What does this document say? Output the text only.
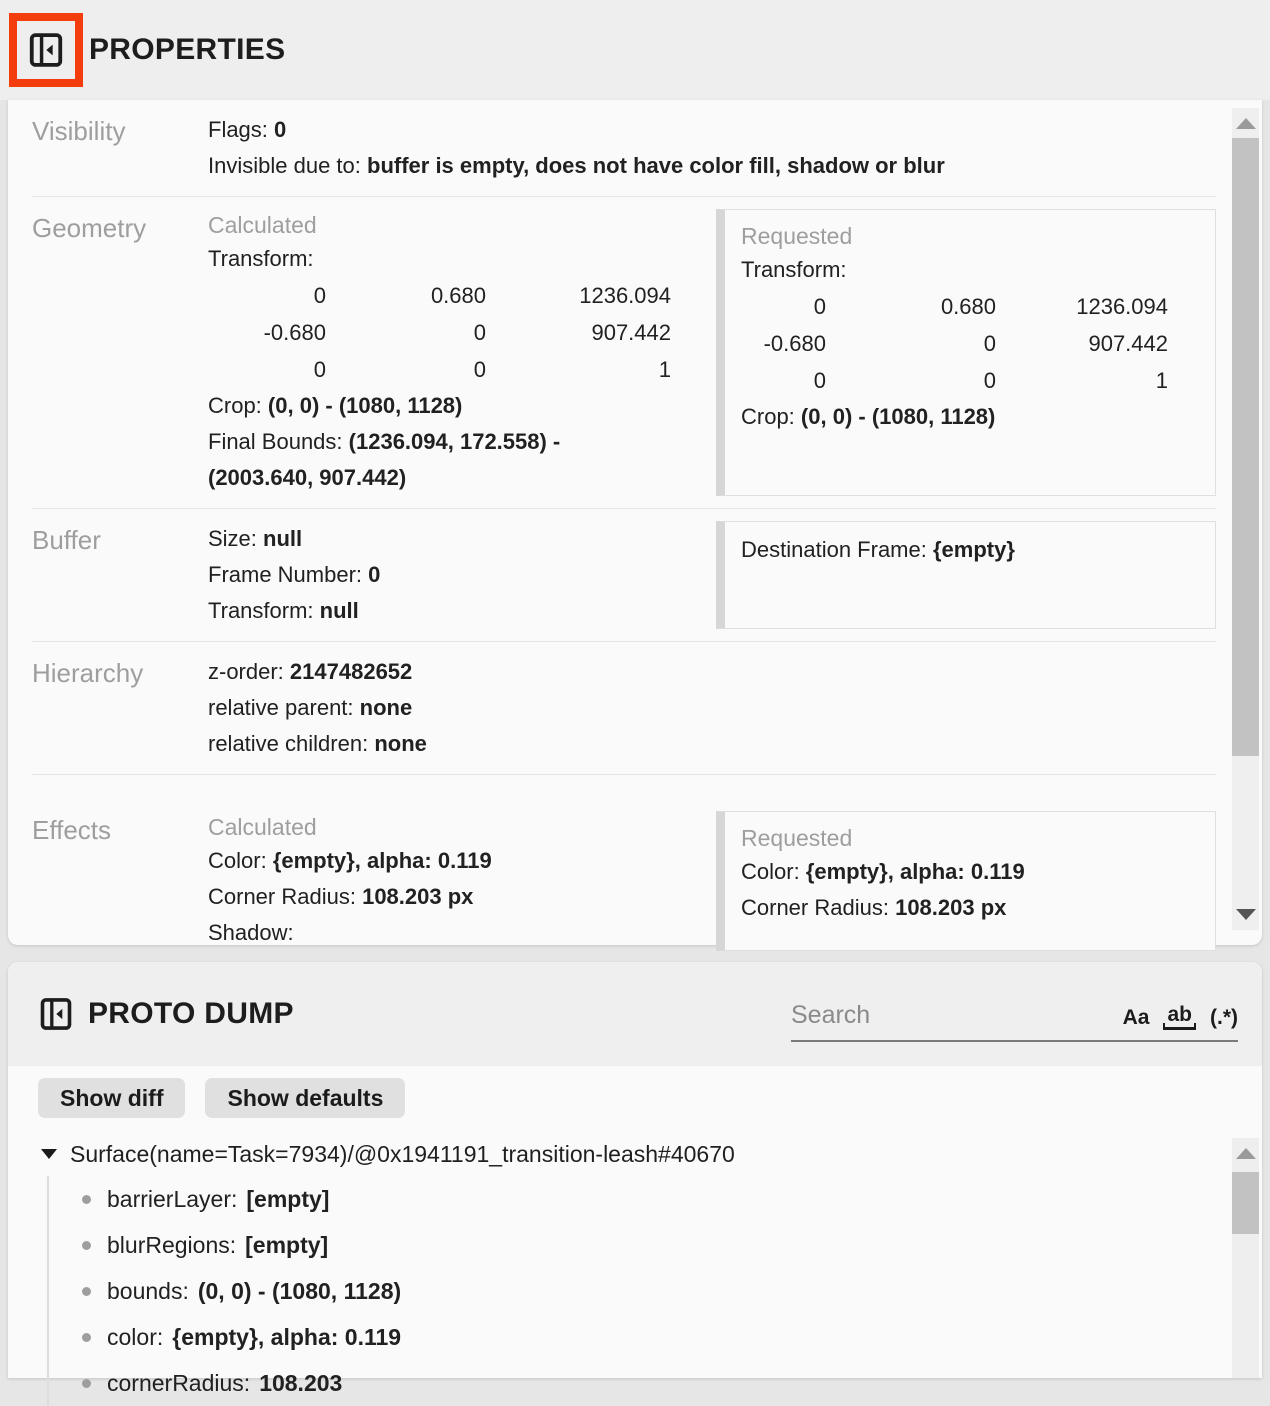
PROPERTIES
Visibility	Flags: 0
Invisible due to: buffer is empty, does not have color fill, shadow or blur
Geometry	Calculated
Transform:
0	0.680	1236.094
-0.680	0	907.442
0	0	1
Crop: (0, 0) - (1080, 1128)
Final Bounds: (1236.094, 172.558) -
(2003.640, 907.442)
Requested
Transform:
0	0.680	1236.094
-0.680	0	907.442
0	0	1
Crop: (0, 0) - (1080, 1128)
Buffer	Size: null
Frame Number: 0
Transform: null
Destination Frame: {empty}
Hierarchy	z-order: 2147482652
relative parent: none
relative children: none
Effects	Calculated
Color: {empty}, alpha: 0.119
Corner Radius: 108.203 px
Shadow:
Requested
Color: {empty}, alpha: 0.119
Corner Radius: 108.203 px
PROTO DUMP
Search	Aa ab (.*)
Show diff	Show defaults
Surface(name=Task=7934)/@0x1941191_transition-leash#40670
barrierLayer: [empty]
blurRegions: [empty]
bounds: (0, 0) - (1080, 1128)
color: {empty}, alpha: 0.119
cornerRadius: 108.203
